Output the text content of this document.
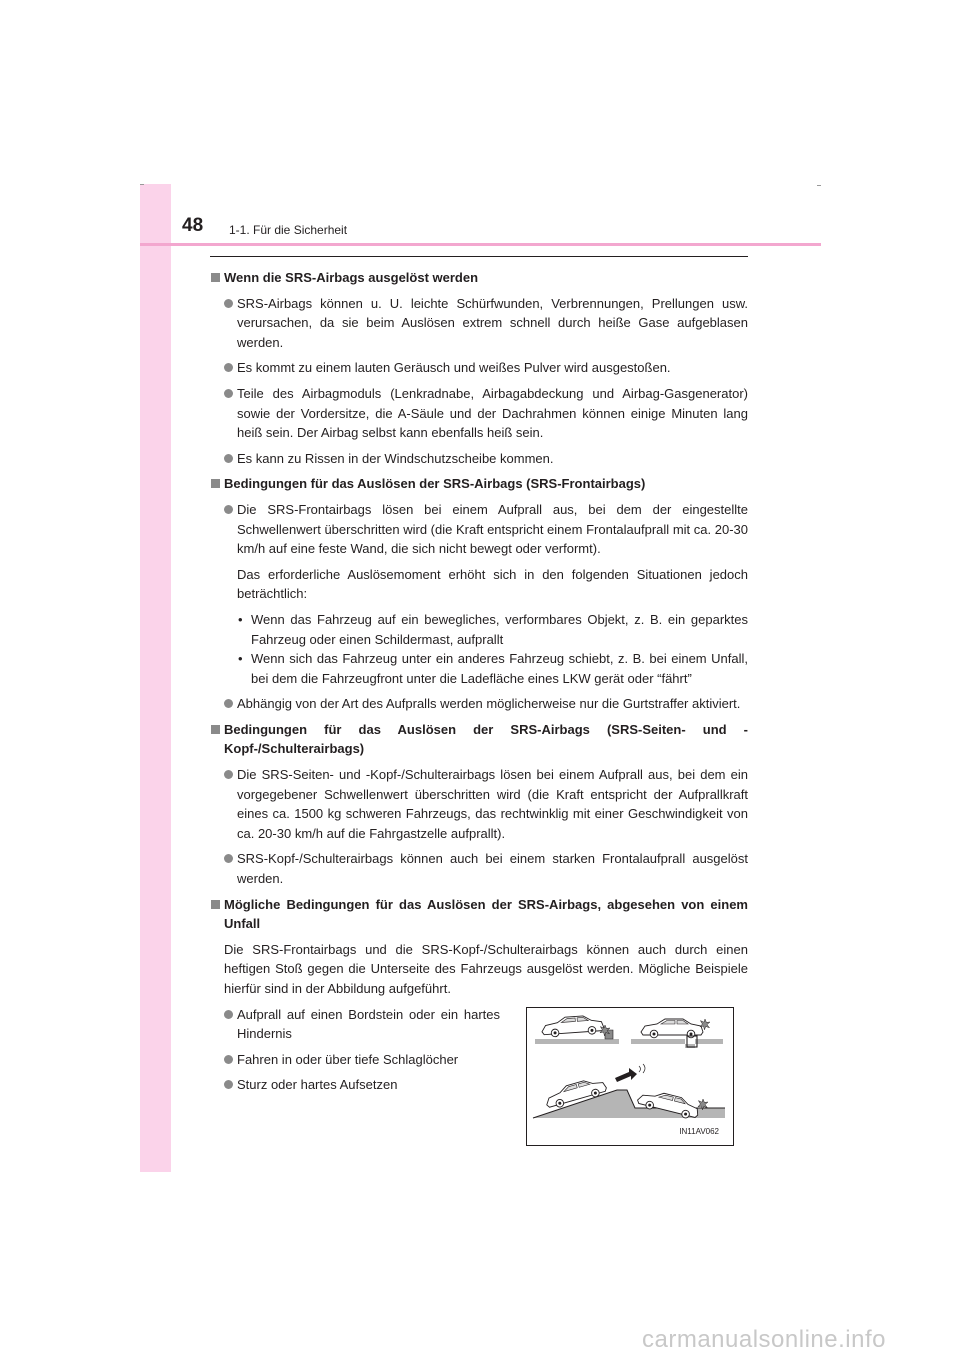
48 1-1. Für die Sicherheit
Wenn die SRS-Airbags ausgelöst werden
SRS-Airbags können u. U. leichte Schürfwunden, Verbrennungen, Prellungen usw. verursachen, da sie beim Auslösen extrem schnell durch heiße Gase aufgeblasen werden.
Es kommt zu einem lauten Geräusch und weißes Pulver wird ausgestoßen.
Teile des Airbagmoduls (Lenkradnabe, Airbagabdeckung und Airbag-Gasgenerator) sowie der Vordersitze, die A-Säule und der Dachrahmen können einige Minuten lang heiß sein. Der Airbag selbst kann ebenfalls heiß sein.
Es kann zu Rissen in der Windschutzscheibe kommen.
Bedingungen für das Auslösen der SRS-Airbags (SRS-Frontairbags)
Die SRS-Frontairbags lösen bei einem Aufprall aus, bei dem der eingestellte Schwellenwert überschritten wird (die Kraft entspricht einem Frontalaufprall mit ca. 20-30 km/h auf eine feste Wand, die sich nicht bewegt oder verformt).
Das erforderliche Auslösemoment erhöht sich in den folgenden Situationen jedoch beträchtlich:
• Wenn das Fahrzeug auf ein bewegliches, verformbares Objekt, z. B. ein geparktes Fahrzeug oder einen Schildermast, aufprallt
• Wenn sich das Fahrzeug unter ein anderes Fahrzeug schiebt, z. B. bei einem Unfall, bei dem die Fahrzeugfront unter die Ladefläche eines LKW gerät oder “fährt”
Abhängig von der Art des Aufpralls werden möglicherweise nur die Gurtstraffer aktiviert.
Bedingungen für das Auslösen der SRS-Airbags (SRS-Seiten- und -Kopf-/Schulterairbags)
Die SRS-Seiten- und -Kopf-/Schulterairbags lösen bei einem Aufprall aus, bei dem ein vorgegebener Schwellenwert überschritten wird (die Kraft entspricht der Aufprallkraft eines ca. 1500 kg schweren Fahrzeugs, das rechtwinklig mit einer Geschwindigkeit von ca. 20-30 km/h auf die Fahrgastzelle aufprallt).
SRS-Kopf-/Schulterairbags können auch bei einem starken Frontalaufprall ausgelöst werden.
Mögliche Bedingungen für das Auslösen der SRS-Airbags, abgesehen von einem Unfall
Die SRS-Frontairbags und die SRS-Kopf-/Schulterairbags können auch durch einen heftigen Stoß gegen die Unterseite des Fahrzeugs ausgelöst werden. Mögliche Beispiele hierfür sind in der Abbildung aufgeführt.
Aufprall auf einen Bordstein oder ein hartes Hindernis
Fahren in oder über tiefe Schlaglöcher
Sturz oder hartes Aufsetzen
IN11AV062
carmanualsonline.info
